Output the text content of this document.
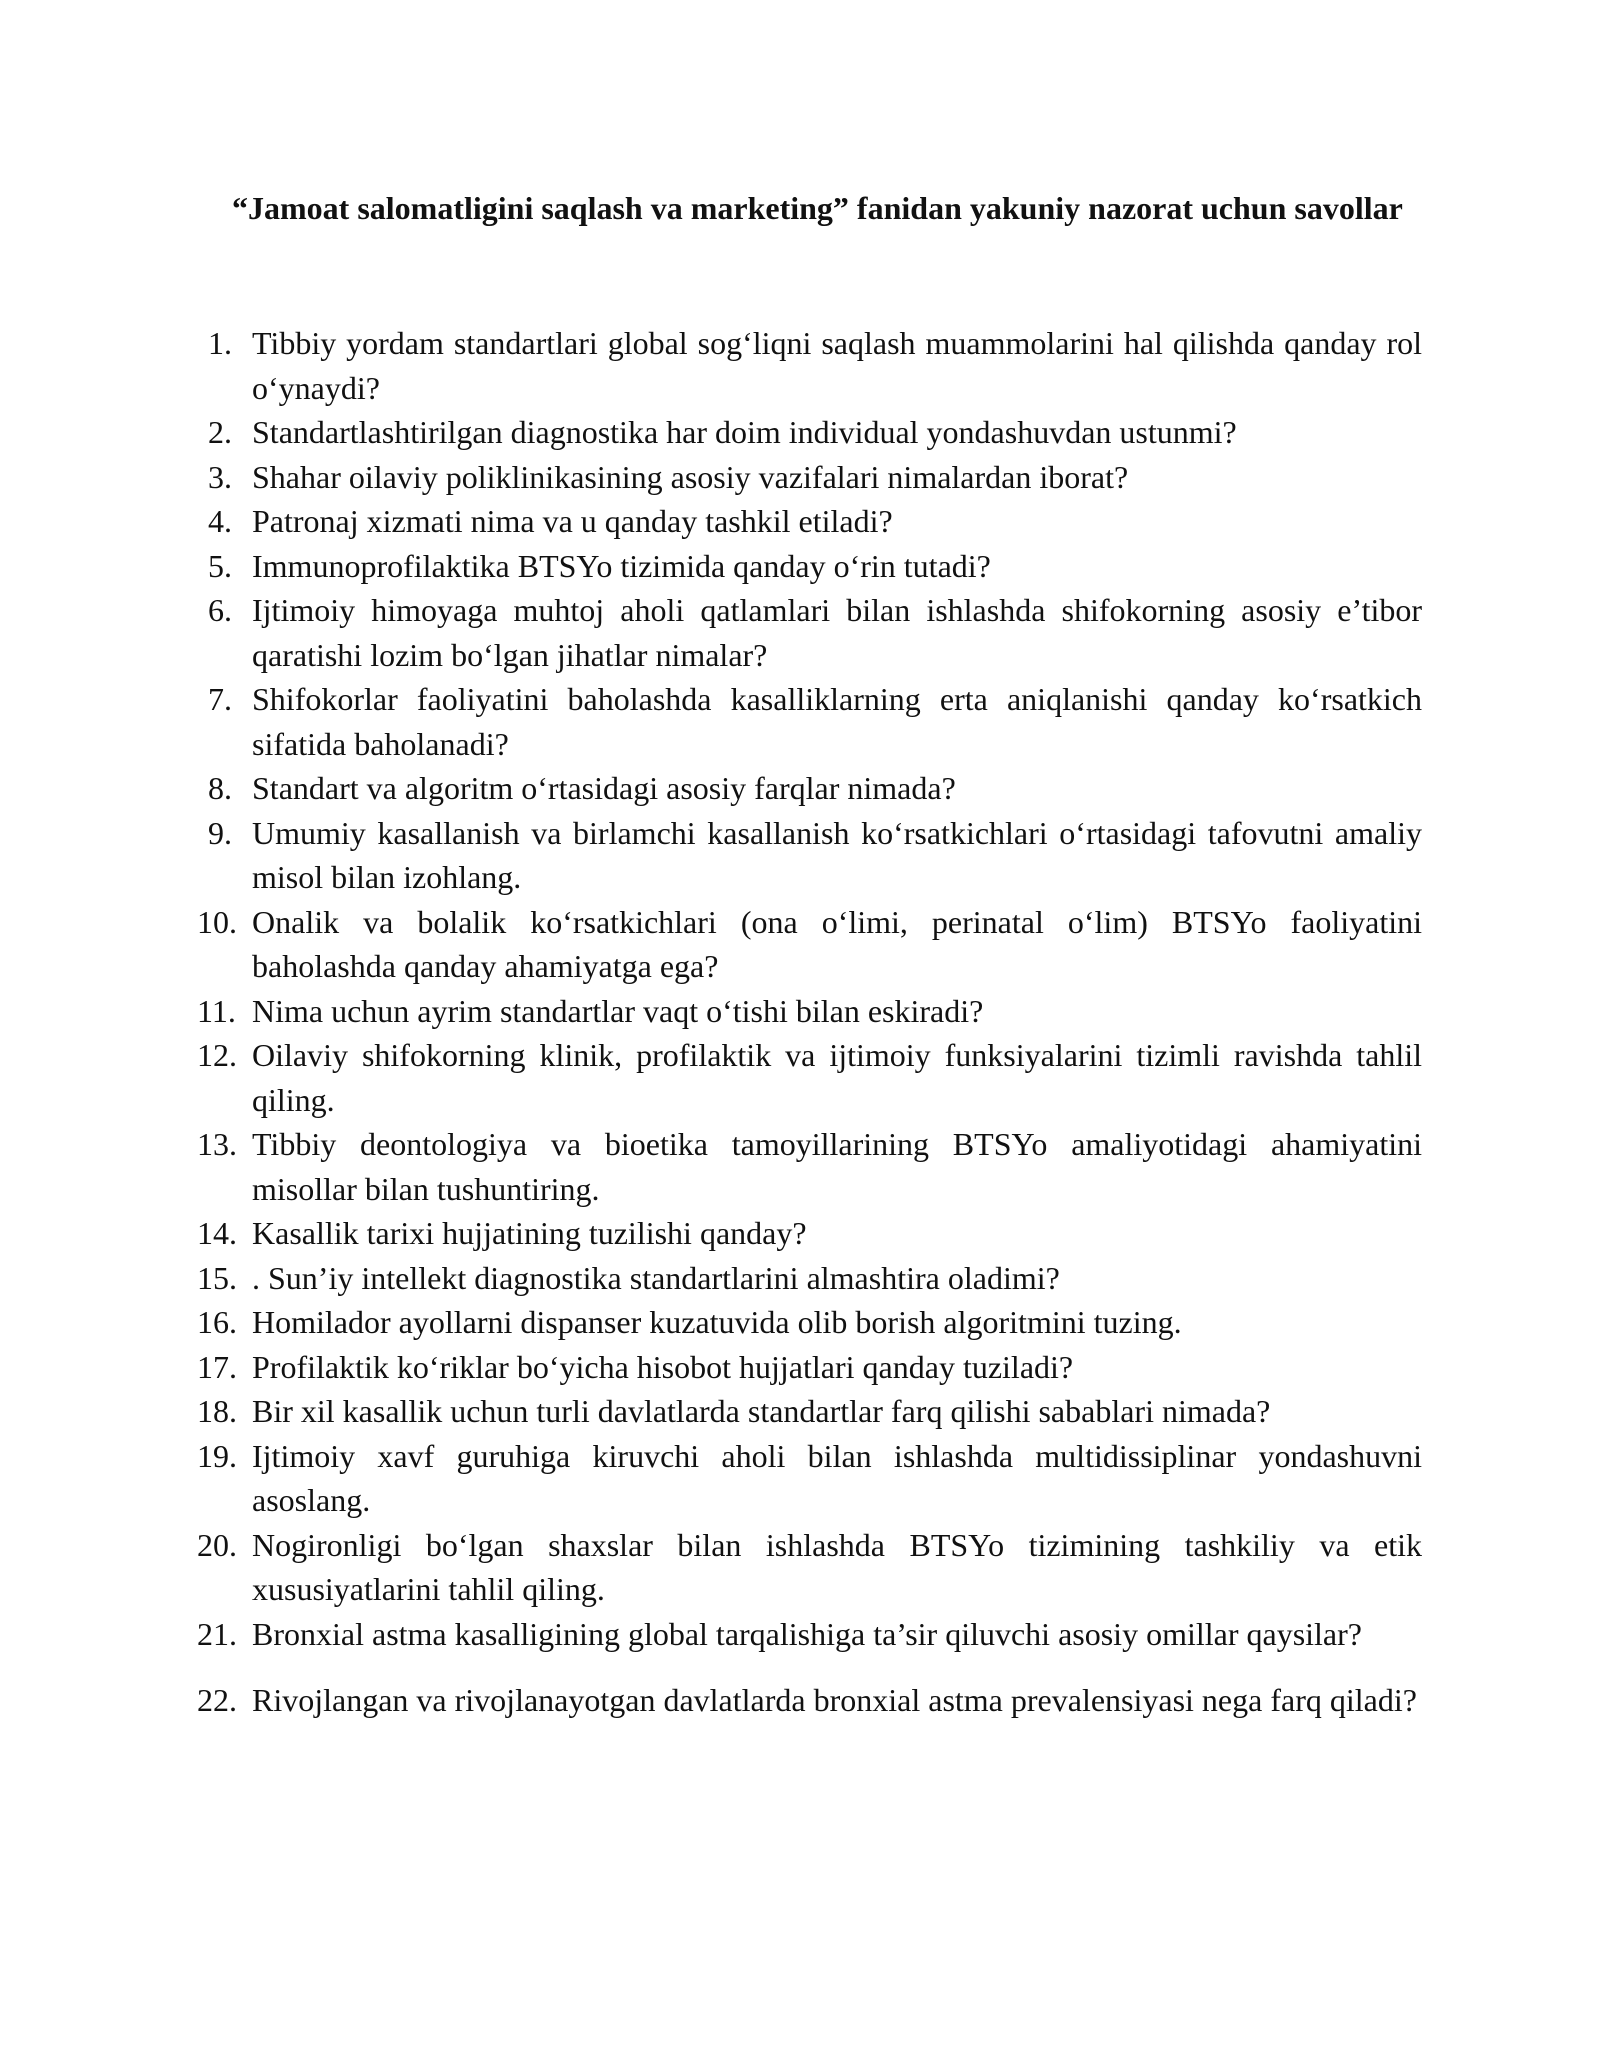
“Jamoat salomatligini saqlash va marketing” fanidan yakuniy nazorat uchun savollar
1. Tibbiy yordam standartlari global sog‘liqni saqlash muammolarini hal qilishda qanday rol o‘ynaydi?
2. Standartlashtirilgan diagnostika har doim individual yondashuvdan ustunmi?
3. Shahar oilaviy poliklinikasining asosiy vazifalari nimalardan iborat?
4. Patronaj xizmati nima va u qanday tashkil etiladi?
5. Immunoprofilaktika BTSYo tizimida qanday o‘rin tutadi?
6. Ijtimoiy himoyaga muhtoj aholi qatlamlari bilan ishlashda shifokorning asosiy e’tibor qaratishi lozim bo‘lgan jihatlar nimalar?
7. Shifokorlar faoliyatini baholashda kasalliklarning erta aniqlanishi qanday ko‘rsatkich sifatida baholanadi?
8. Standart va algoritm o‘rtasidagi asosiy farqlar nimada?
9. Umumiy kasallanish va birlamchi kasallanish ko‘rsatkichlari o‘rtasidagi tafovutni amaliy misol bilan izohlang.
10. Onalik va bolalik ko‘rsatkichlari (ona o‘limi, perinatal o‘lim) BTSYo faoliyatini baholashda qanday ahamiyatga ega?
11. Nima uchun ayrim standartlar vaqt o‘tishi bilan eskiradi?
12. Oilaviy shifokorning klinik, profilaktik va ijtimoiy funksiyalarini tizimli ravishda tahlil qiling.
13. Tibbiy deontologiya va bioetika tamoyillarining BTSYo amaliyotidagi ahamiyatini misollar bilan tushuntiring.
14. Kasallik tarixi hujjatining tuzilishi qanday?
15. . Sun’iy intellekt diagnostika standartlarini almashtira oladimi?
16. Homilador ayollarni dispanser kuzatuvida olib borish algoritmini tuzing.
17. Profilaktik ko‘riklar bo‘yicha hisobot hujjatlari qanday tuziladi?
18. Bir xil kasallik uchun turli davlatlarda standartlar farq qilishi sabablari nimada?
19. Ijtimoiy xavf guruhiga kiruvchi aholi bilan ishlashda multidissiplinar yondashuvni asoslang.
20. Nogironligi bo‘lgan shaxslar bilan ishlashda BTSYo tizimining tashkiliy va etik xususiyatlarini tahlil qiling.
21. Bronxial astma kasalligining global tarqalishiga ta’sir qiluvchi asosiy omillar qaysilar?
22. Rivojlangan va rivojlanayotgan davlatlarda bronxial astma prevalensiyasi nega farq qiladi?
